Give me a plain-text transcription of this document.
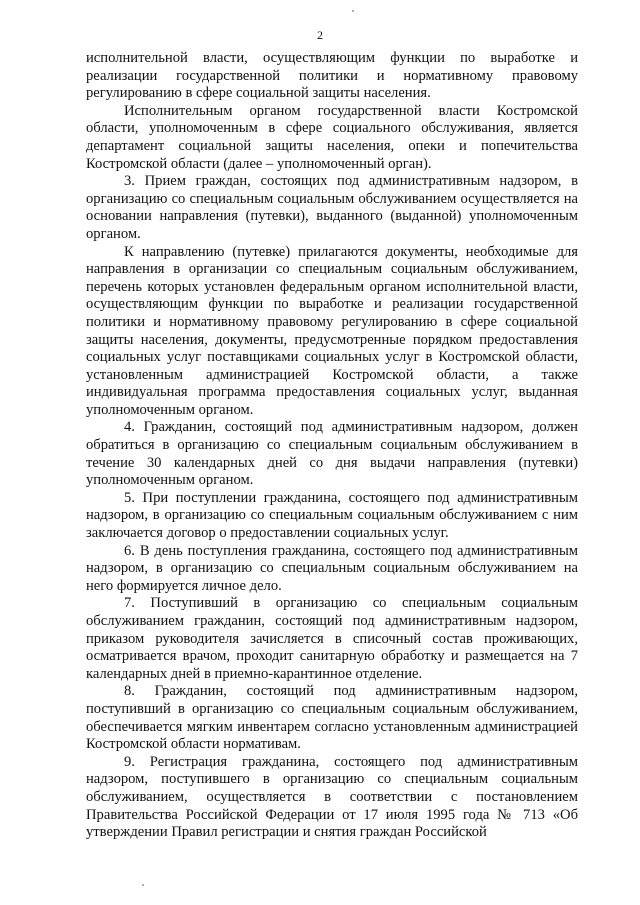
2

исполнительной власти, осуществляющим функции по выработке и реализации государственной политики и нормативному правовому регулированию в сфере социальной защиты населения.

Исполнительным органом государственной власти Костромской области, уполномоченным в сфере социального обслуживания, является департамент социальной защиты населения, опеки и попечительства Костромской области (далее – уполномоченный орган).

3. Прием граждан, состоящих под административным надзором, в организацию со специальным социальным обслуживанием осуществляется на основании направления (путевки), выданного (выданной) уполномоченным органом.

К направлению (путевке) прилагаются документы, необходимые для направления в организации со специальным социальным обслуживанием, перечень которых установлен федеральным органом исполнительной власти, осуществляющим функции по выработке и реализации государственной политики и нормативному правовому регулированию в сфере социальной защиты населения, документы, предусмотренные порядком предоставления социальных услуг поставщиками социальных услуг в Костромской области, установленным администрацией Костромской области, а также индивидуальная программа предоставления социальных услуг, выданная уполномоченным органом.

4. Гражданин, состоящий под административным надзором, должен обратиться в организацию со специальным социальным обслуживанием в течение 30 календарных дней со дня выдачи направления (путевки) уполномоченным органом.

5. При поступлении гражданина, состоящего под административным надзором, в организацию со специальным социальным обслуживанием с ним заключается договор о предоставлении социальных услуг.

6. В день поступления гражданина, состоящего под административным надзором, в организацию со специальным социальным обслуживанием на него формируется личное дело.

7. Поступивший в организацию со специальным социальным обслуживанием гражданин, состоящий под административным надзором, приказом руководителя зачисляется в списочный состав проживающих, осматривается врачом, проходит санитарную обработку и размещается на 7 календарных дней в приемно-карантинное отделение.

8. Гражданин, состоящий под административным надзором, поступивший в организацию со специальным социальным обслуживанием, обеспечивается мягким инвентарем согласно установленным администрацией Костромской области нормативам.

9. Регистрация гражданина, состоящего под административным надзором, поступившего в организацию со специальным социальным обслуживанием, осуществляется в соответствии с постановлением Правительства Российской Федерации от 17 июля 1995 года № 713 «Об утверждении Правил регистрации и снятия граждан Российской
